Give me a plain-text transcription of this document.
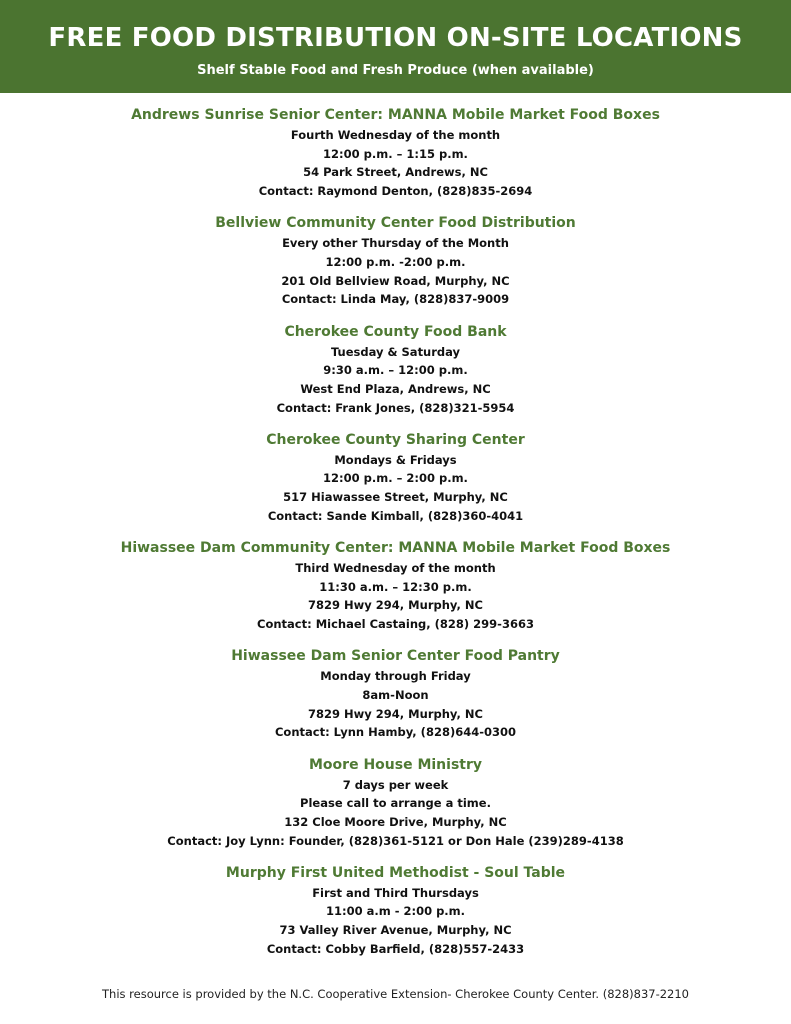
FREE FOOD DISTRIBUTION ON-SITE LOCATIONS
Shelf Stable Food and Fresh Produce (when available)
Andrews Sunrise Senior Center: MANNA Mobile Market Food Boxes
Fourth Wednesday of the month
12:00 p.m. – 1:15 p.m.
54 Park Street, Andrews, NC
Contact: Raymond Denton, (828)835-2694
Bellview Community Center Food Distribution
Every other Thursday of the Month
12:00 p.m. -2:00 p.m.
201 Old Bellview Road, Murphy, NC
Contact: Linda May, (828)837-9009
Cherokee County Food Bank
Tuesday & Saturday
9:30 a.m. – 12:00 p.m.
West End Plaza, Andrews, NC
Contact: Frank Jones, (828)321-5954
Cherokee County Sharing Center
Mondays & Fridays
12:00 p.m. – 2:00 p.m.
517 Hiawassee Street, Murphy, NC
Contact: Sande Kimball, (828)360-4041
Hiwassee Dam Community Center: MANNA Mobile Market Food Boxes
Third Wednesday of the month
11:30 a.m. – 12:30 p.m.
7829 Hwy 294, Murphy, NC
Contact: Michael Castaing, (828) 299-3663
Hiwassee Dam Senior Center Food Pantry
Monday through Friday
8am-Noon
7829 Hwy 294, Murphy, NC
Contact: Lynn Hamby, (828)644-0300
Moore House Ministry
7 days per week
Please call to arrange a time.
132 Cloe Moore Drive, Murphy, NC
Contact: Joy Lynn: Founder, (828)361-5121 or Don Hale (239)289-4138
Murphy First United Methodist - Soul Table
First and Third Thursdays
11:00 a.m - 2:00 p.m.
73 Valley River Avenue, Murphy, NC
Contact: Cobby Barfield, (828)557-2433
This resource is provided by the N.C. Cooperative Extension- Cherokee County Center. (828)837-2210
